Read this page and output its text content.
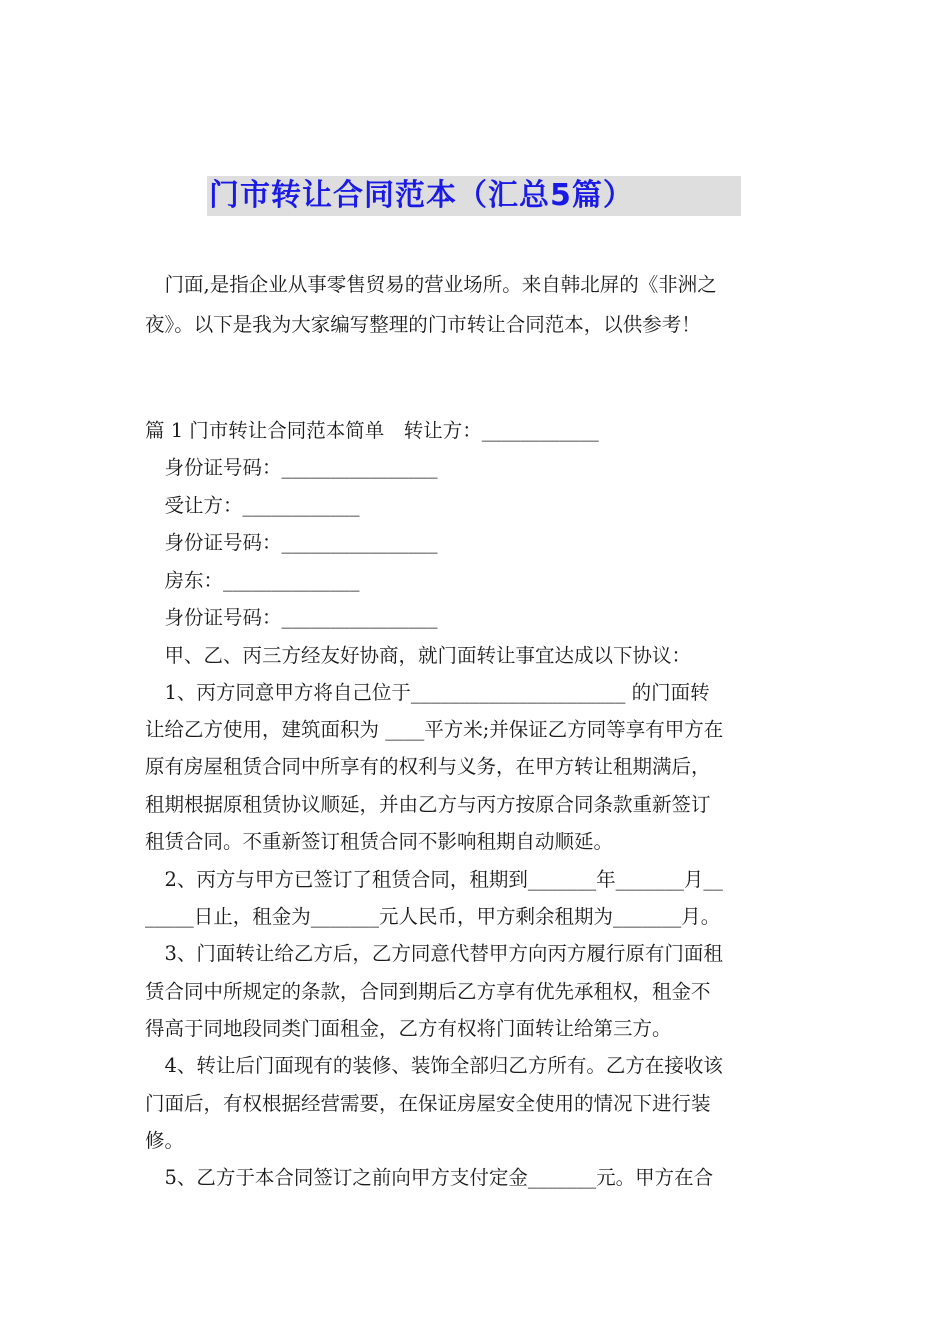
门市转让合同范本（汇总5篇）

　门面,是指企业从事零售贸易的营业场所。来自韩北屏的《非洲之

夜》。以下是我为大家编写整理的门市转让合同范本，以供参考！

篇 1 门市转让合同范本简单　转让方：____________

　身份证号码：________________

　受让方：____________

　身份证号码：________________

　房东：______________

　身份证号码：________________

　甲、乙、丙三方经友好协商，就门面转让事宜达成以下协议：

　1、丙方同意甲方将自己位于______________________ 的门面转

让给乙方使用，建筑面积为 ____平方米;并保证乙方同等享有甲方在

原有房屋租赁合同中所享有的权利与义务，在甲方转让租期满后，

租期根据原租赁协议顺延，并由乙方与丙方按原合同条款重新签订

租赁合同。不重新签订租赁合同不影响租期自动顺延。

　2、丙方与甲方已签订了租赁合同，租期到_______年_______月__

_____日止，租金为_______元人民币，甲方剩余租期为_______月。

　3、门面转让给乙方后，乙方同意代替甲方向丙方履行原有门面租

赁合同中所规定的条款，合同到期后乙方享有优先承租权，租金不

得高于同地段同类门面租金，乙方有权将门面转让给第三方。

　4、转让后门面现有的装修、装饰全部归乙方所有。乙方在接收该

门面后，有权根据经营需要，在保证房屋安全使用的情况下进行装

修。

　5、乙方于本合同签订之前向甲方支付定金_______元。甲方在合
